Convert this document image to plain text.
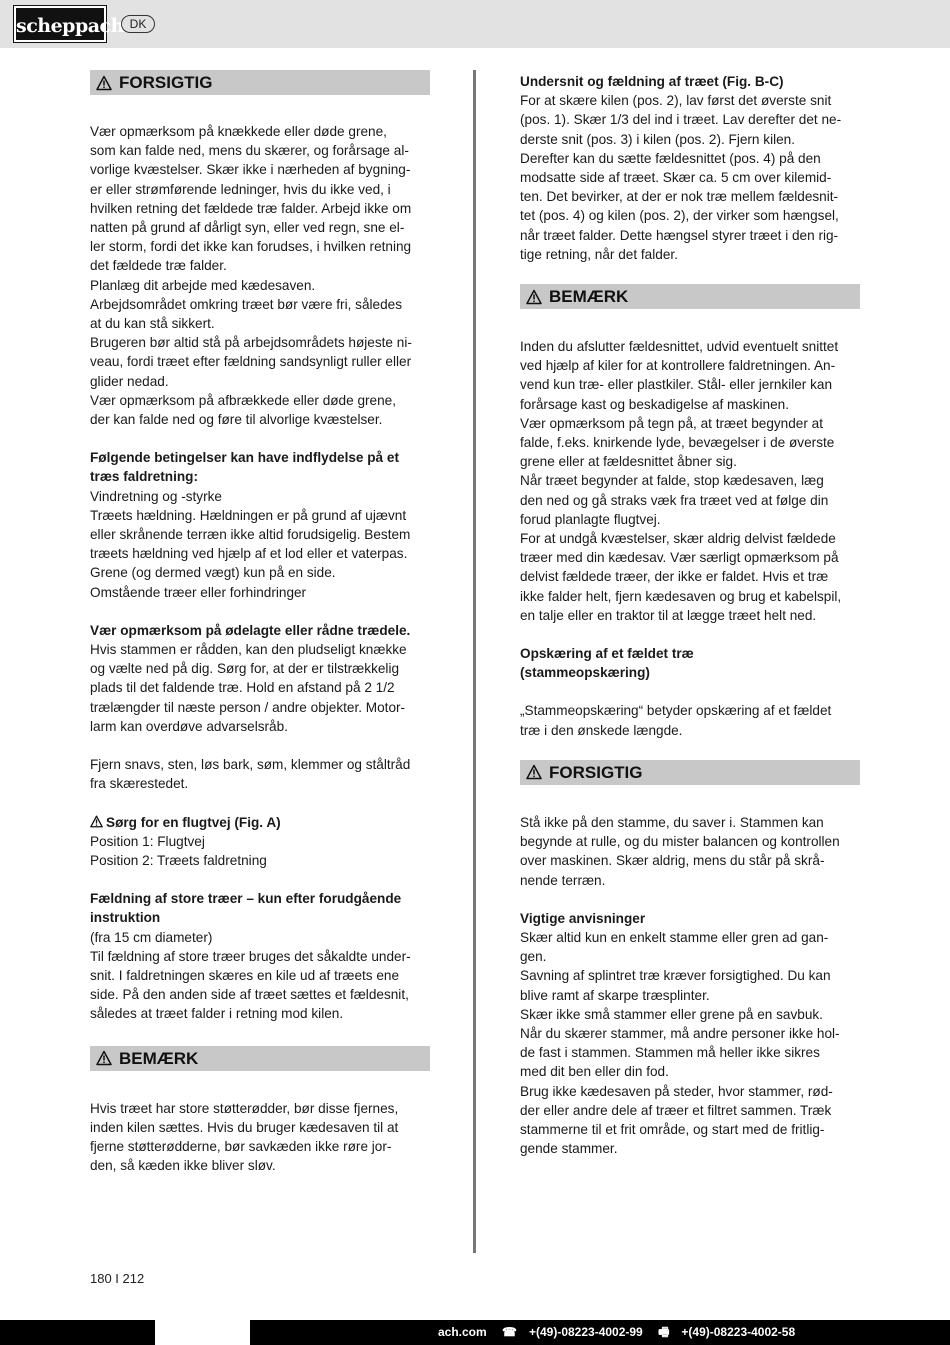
scheppach DK
FORSIGTIG

Vær opmærksom på knækkede eller døde grene,

som kan falde ned, mens du skærer, og forårsage al-

vorlige kvæstelser. Skær ikke i nærheden af bygning-

er eller strømførende ledninger, hvis du ikke ved, i

hvilken retning det fældede træ falder. Arbejd ikke om

natten på grund af dårligt syn, eller ved regn, sne el-

ler storm, fordi det ikke kan forudses, i hvilken retning

det fældede træ falder.

Planlæg dit arbejde med kædesaven.

Arbejdsområdet omkring træet bør være fri, således

at du kan stå sikkert.

Brugeren bør altid stå på arbejdsområdets højeste ni-

veau, fordi træet efter fældning sandsynligt ruller eller

glider nedad.

Vær opmærksom på afbrækkede eller døde grene,

der kan falde ned og føre til alvorlige kvæstelser.

Følgende betingelser kan have indflydelse på et

træs faldretning:

Vindretning og -styrke

Træets hældning. Hældningen er på grund af ujævnt

eller skrånende terræn ikke altid forudsigelig. Bestem

træets hældning ved hjælp af et lod eller et vaterpas.

Grene (og dermed vægt) kun på en side.

Omstående træer eller forhindringer

Vær opmærksom på ødelagte eller rådne trædele.

Hvis stammen er rådden, kan den pludseligt knække

og vælte ned på dig. Sørg for, at der er tilstrækkelig

plads til det faldende træ. Hold en afstand på 2 1/2

trælængder til næste person / andre objekter. Motor-

larm kan overdøve advarselsråb.

Fjern snavs, sten, løs bark, søm, klemmer og ståltråd

fra skærestedet.

Sørg for en flugtvej (Fig. A)

Position 1: Flugtvej

Position 2: Træets faldretning

Fældning af store træer – kun efter forudgående

instruktion

(fra 15 cm diameter)

Til fældning af store træer bruges det såkaldte under-

snit. I faldretningen skæres en kile ud af træets ene

side. På den anden side af træet sættes et fældesnit,

således at træet falder i retning mod kilen.

BEMÆRK

Hvis træet har store støtterødder, bør disse fjernes,

inden kilen sættes. Hvis du bruger kædesaven til at

fjerne støtterødderne, bør savkæden ikke røre jor-

den, så kæden ikke bliver sløv.

Undersnit og fældning af træet (Fig. B-C)

For at skære kilen (pos. 2), lav først det øverste snit

(pos. 1). Skær 1/3 del ind i træet. Lav derefter det ne-

derste snit (pos. 3) i kilen (pos. 2). Fjern kilen.

Derefter kan du sætte fældesnittet (pos. 4) på den

modsatte side af træet. Skær ca. 5 cm over kilemid-

ten. Det bevirker, at der er nok træ mellem fældesnit-

tet (pos. 4) og kilen (pos. 2), der virker som hængsel,

når træet falder. Dette hængsel styrer træet i den rig-

tige retning, når det falder.

BEMÆRK

Inden du afslutter fældesnittet, udvid eventuelt snittet

ved hjælp af kiler for at kontrollere faldretningen. An-

vend kun træ- eller plastkiler. Stål- eller jernkiler kan

forårsage kast og beskadigelse af maskinen.

Vær opmærksom på tegn på, at træet begynder at

falde, f.eks. knirkende lyde, bevægelser i de øverste

grene eller at fældesnittet åbner sig.

Når træet begynder at falde, stop kædesaven, læg

den ned og gå straks væk fra træet ved at følge din

forud planlagte flugtvej.

For at undgå kvæstelser, skær aldrig delvist fældede

træer med din kædesav. Vær særligt opmærksom på

delvist fældede træer, der ikke er faldet. Hvis et træ

ikke falder helt, fjern kædesaven og brug et kabelspil,

en talje eller en traktor til at lægge træet helt ned.

Opskæring af et fældet træ

(stammeopskæring)

„Stammeopskæring“ betyder opskæring af et fældet

træ i den ønskede længde.

FORSIGTIG

Stå ikke på den stamme, du saver i. Stammen kan

begynde at rulle, og du mister balancen og kontrollen

over maskinen. Skær aldrig, mens du står på skrå-

nende terræn.

Vigtige anvisninger

Skær altid kun en enkelt stamme eller gren ad gan-

gen.

Savning af splintret træ kræver forsigtighed. Du kan

blive ramt af skarpe træsplinter.

Skær ikke små stammer eller grene på en savbuk.

Når du skærer stammer, må andre personer ikke hol-

de fast i stammen. Stammen må heller ikke sikres

med dit ben eller din fod.

Brug ikke kædesaven på steder, hvor stammer, rød-

der eller andre dele af træer et filtret sammen. Træk

stammerne til et frit område, og start med de fritlig-

gende stammer.

180 I 212
ach.com ☎ +(49)-08223-4002-99 🖷 +(49)-08223-4002-58
